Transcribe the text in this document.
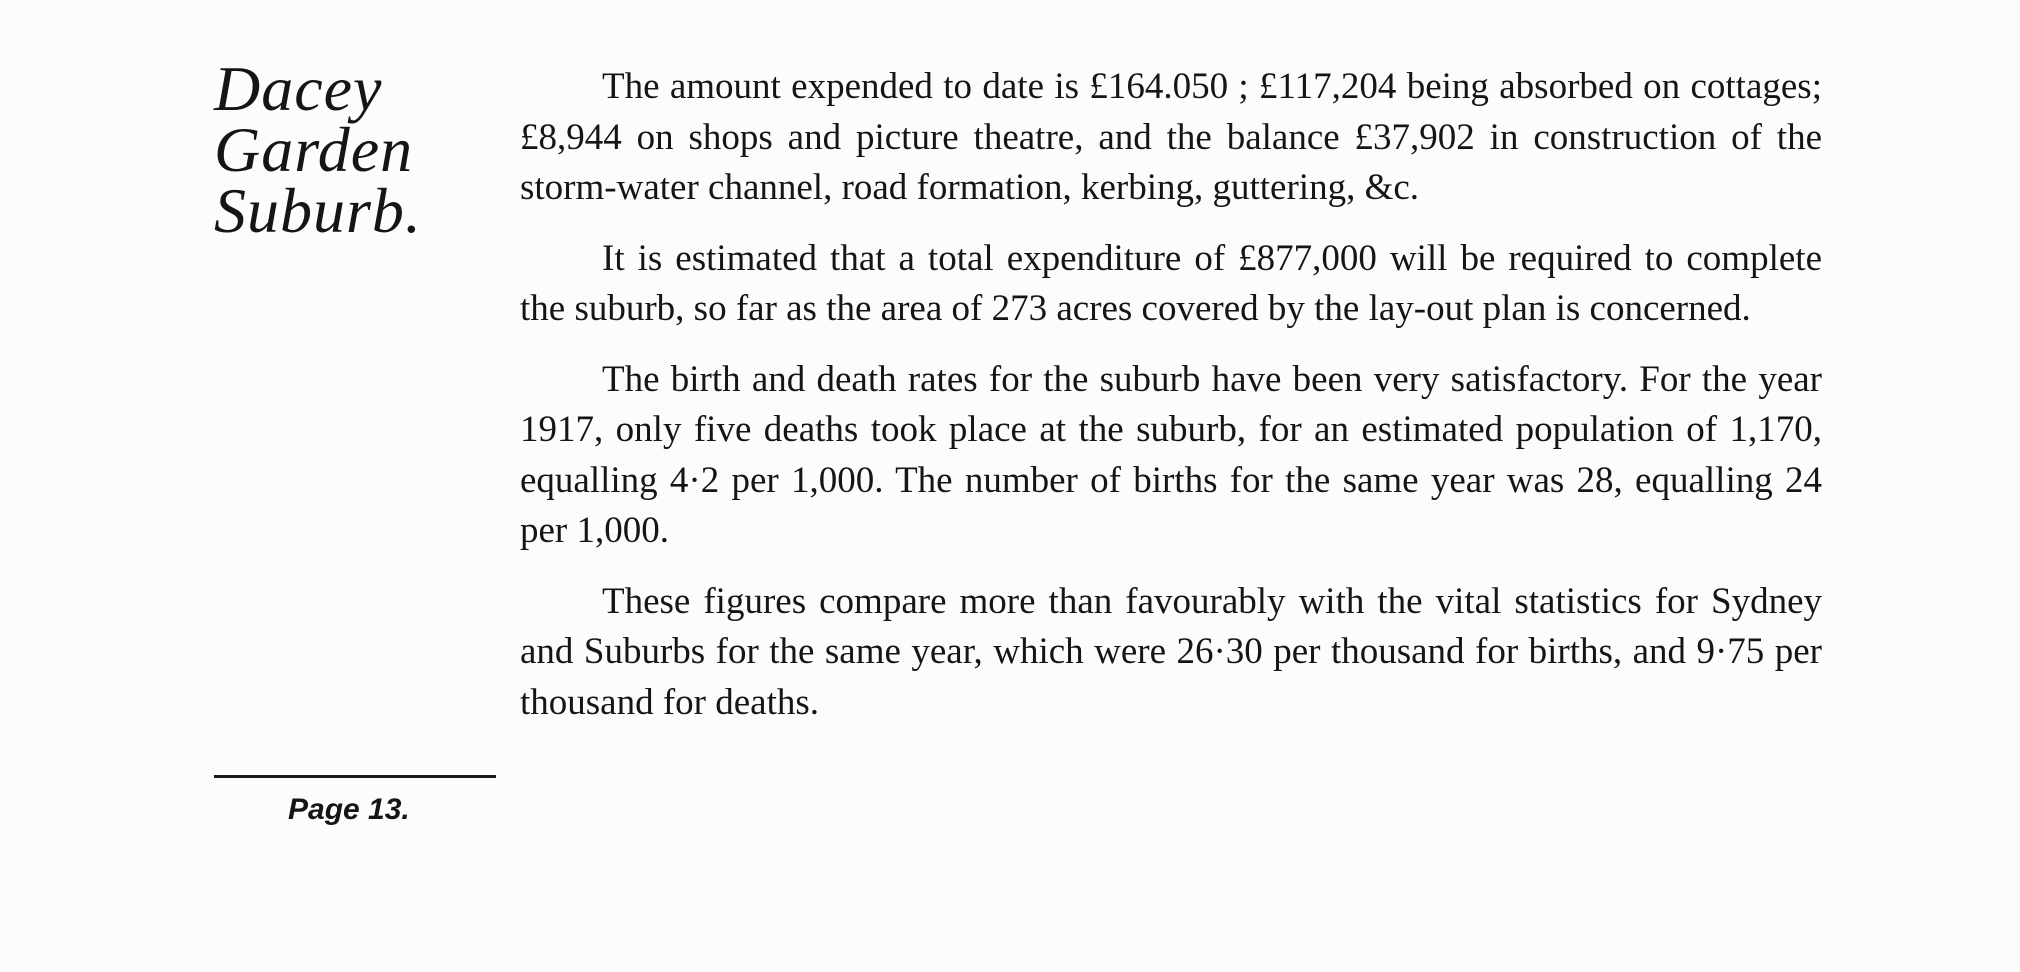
Dacey
Garden
Suburb.
Page 13.

The amount expended to date is £164.050 ; £117,204 being absorbed on cottages; £8,944 on shops and picture theatre, and the balance £37,902 in construction of the storm-water channel, road formation, kerbing, guttering, &c.

It is estimated that a total expenditure of £877,000 will be required to complete the suburb, so far as the area of 273 acres covered by the lay-out plan is concerned.

The birth and death rates for the suburb have been very satisfactory. For the year 1917, only five deaths took place at the suburb, for an estimated population of 1,170, equalling 4·2 per 1,000. The number of births for the same year was 28, equalling 24 per 1,000.

These figures compare more than favourably with the vital statistics for Sydney and Suburbs for the same year, which were 26·30 per thousand for births, and 9·75 per thousand for deaths.
